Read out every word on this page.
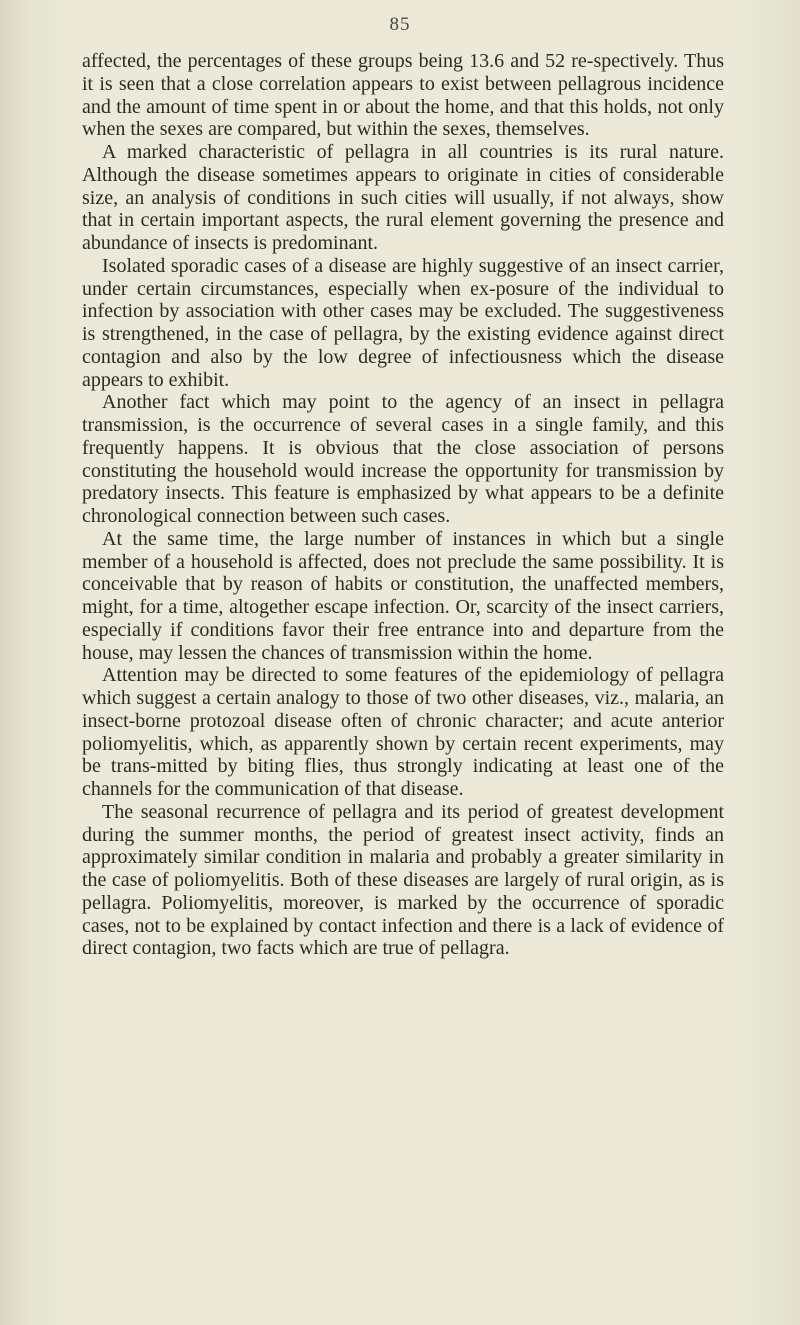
85

affected, the percentages of these groups being 13.6 and 52 re-spectively. Thus it is seen that a close correlation appears to exist between pellagrous incidence and the amount of time spent in or about the home, and that this holds, not only when the sexes are compared, but within the sexes, themselves.

A marked characteristic of pellagra in all countries is its rural nature. Although the disease sometimes appears to originate in cities of considerable size, an analysis of conditions in such cities will usually, if not always, show that in certain important aspects, the rural element governing the presence and abundance of insects is predominant.

Isolated sporadic cases of a disease are highly suggestive of an insect carrier, under certain circumstances, especially when ex-posure of the individual to infection by association with other cases may be excluded. The suggestiveness is strengthened, in the case of pellagra, by the existing evidence against direct contagion and also by the low degree of infectiousness which the disease appears to exhibit.

Another fact which may point to the agency of an insect in pellagra transmission, is the occurrence of several cases in a single family, and this frequently happens. It is obvious that the close association of persons constituting the household would increase the opportunity for transmission by predatory insects. This feature is emphasized by what appears to be a definite chronological connection between such cases.

At the same time, the large number of instances in which but a single member of a household is affected, does not preclude the same possibility. It is conceivable that by reason of habits or constitution, the unaffected members, might, for a time, altogether escape infection. Or, scarcity of the insect carriers, especially if conditions favor their free entrance into and departure from the house, may lessen the chances of transmission within the home.

Attention may be directed to some features of the epidemiology of pellagra which suggest a certain analogy to those of two other diseases, viz., malaria, an insect-borne protozoal disease often of chronic character; and acute anterior poliomyelitis, which, as apparently shown by certain recent experiments, may be trans-mitted by biting flies, thus strongly indicating at least one of the channels for the communication of that disease.

The seasonal recurrence of pellagra and its period of greatest development during the summer months, the period of greatest insect activity, finds an approximately similar condition in malaria and probably a greater similarity in the case of poliomyelitis. Both of these diseases are largely of rural origin, as is pellagra. Poliomyelitis, moreover, is marked by the occurrence of sporadic cases, not to be explained by contact infection and there is a lack of evidence of direct contagion, two facts which are true of pellagra.
